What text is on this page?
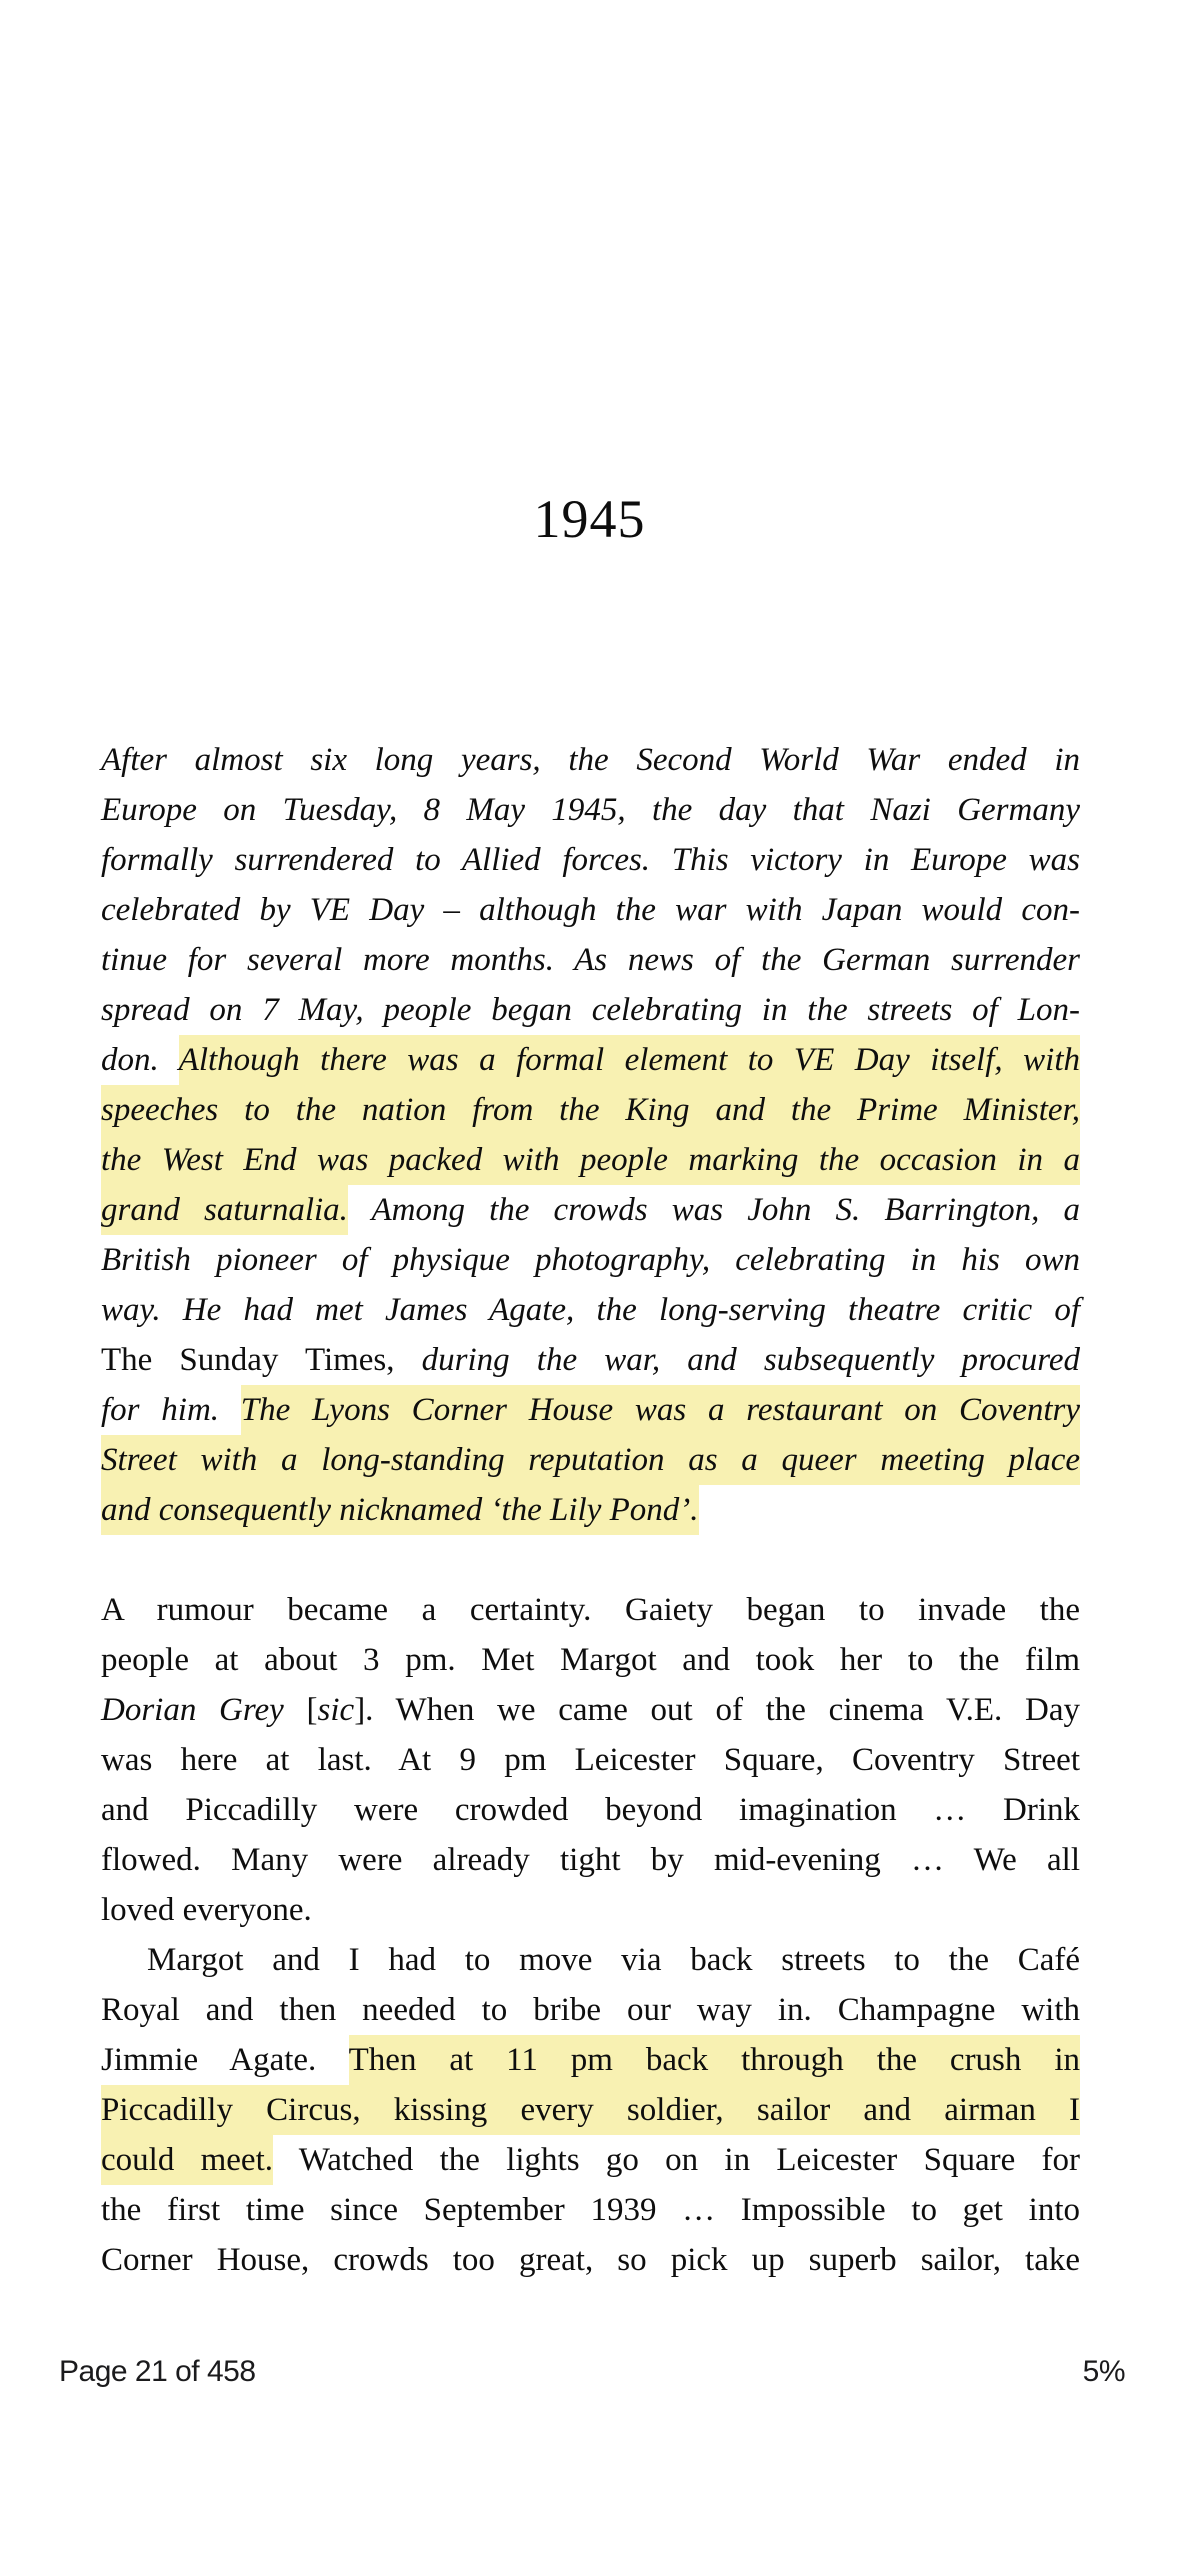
1945
After almost six long years, the Second World War ended in
Europe on Tuesday, 8 May 1945, the day that Nazi Germany
formally surrendered to Allied forces. This victory in Europe was
celebrated by VE Day – although the war with Japan would con-
tinue for several more months. As news of the German surrender
spread on 7 May, people began celebrating in the streets of Lon-
don. Although there was a formal element to VE Day itself, with
speeches to the nation from the King and the Prime Minister,
the West End was packed with people marking the occasion in a
grand saturnalia. Among the crowds was John S. Barrington, a
British pioneer of physique photography, celebrating in his own
way. He had met James Agate, the long-serving theatre critic of
The Sunday Times, during the war, and subsequently procured
for him. The Lyons Corner House was a restaurant on Coventry
Street with a long-standing reputation as a queer meeting place
and consequently nicknamed ‘the Lily Pond’.
A rumour became a certainty. Gaiety began to invade the
people at about 3 pm. Met Margot and took her to the film
Dorian Grey [sic]. When we came out of the cinema V.E. Day
was here at last. At 9 pm Leicester Square, Coventry Street
and Piccadilly were crowded beyond imagination … Drink
flowed. Many were already tight by mid-evening … We all
loved everyone.
Margot and I had to move via back streets to the Café
Royal and then needed to bribe our way in. Champagne with
Jimmie Agate. Then at 11 pm back through the crush in
Piccadilly Circus, kissing every soldier, sailor and airman I
could meet. Watched the lights go on in Leicester Square for
the first time since September 1939 … Impossible to get into
Corner House, crowds too great, so pick up superb sailor, take
Page 21 of 458	5%
